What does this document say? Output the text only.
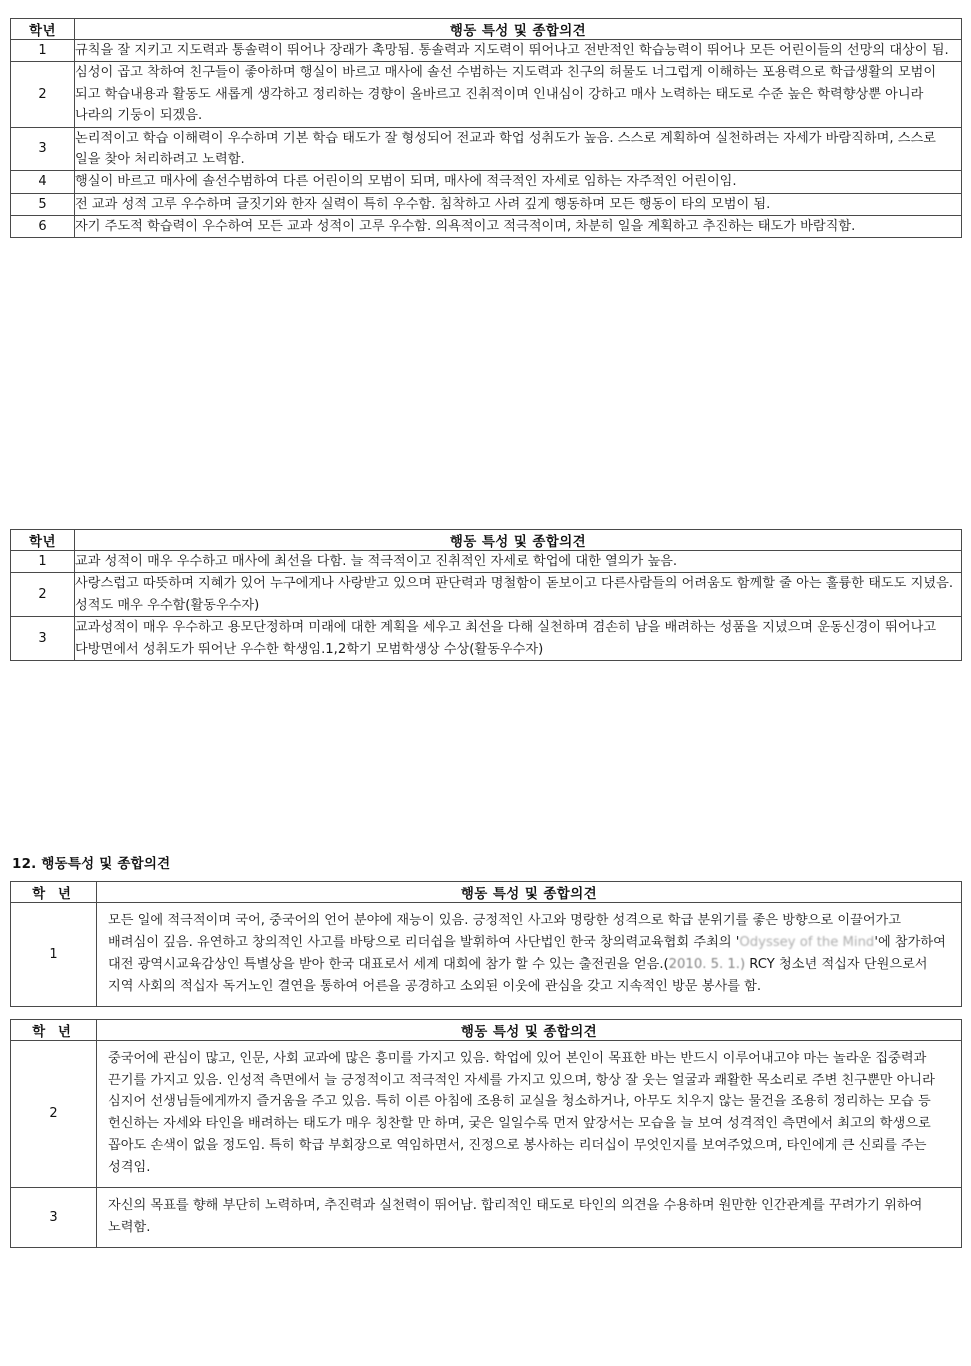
학년	행동 특성 및 종합의견
1	규칙을 잘 지키고 지도력과 통솔력이 뛰어나 장래가 촉망됨. 통솔력과 지도력이 뛰어나고 전반적인 학습능력이 뛰어나 모든 어린이들의 선망의 대상이 됨.
2	심성이 곱고 착하여 친구들이 좋아하며 행실이 바르고 매사에 솔선 수범하는 지도력과 친구의 허물도 너그럽게 이해하는 포용력으로 학급생활의 모범이 되고 학습내용과 활동도 새롭게 생각하고 정리하는 경향이 올바르고 진취적이며 인내심이 강하고 매사 노력하는 태도로 수준 높은 학력향상뿐 아니라 나라의 기둥이 되겠음.
3	논리적이고 학습 이해력이 우수하며 기본 학습 태도가 잘 형성되어 전교과 학업 성취도가 높음. 스스로 계획하여 실천하려는 자세가 바람직하며, 스스로 일을 찾아 처리하려고 노력함.
4	행실이 바르고 매사에 솔선수범하여 다른 어린이의 모범이 되며, 매사에 적극적인 자세로 임하는 자주적인 어린이임.
5	전 교과 성적 고루 우수하며 글짓기와 한자 실력이 특히 우수함. 침착하고 사려 깊게 행동하며 모든 행동이 타의 모범이 됨.
6	자기 주도적 학습력이 우수하여 모든 교과 성적이 고루 우수함. 의욕적이고 적극적이며, 차분히 일을 계획하고 추진하는 태도가 바람직함.
학년	행동 특성 및 종합의견
1	교과 성적이 매우 우수하고 매사에 최선을 다함. 늘 적극적이고 진취적인 자세로 학업에 대한 열의가 높음.
2	사랑스럽고 따뜻하며 지혜가 있어 누구에게나 사랑받고 있으며 판단력과 명철함이 돋보이고 다른사람들의 어려움도 함께할 줄 아는 훌륭한 태도도 지녔음. 성적도 매우 우수함(활동우수자)
3	교과성적이 매우 우수하고 용모단정하며 미래에 대한 계획을 세우고 최선을 다해 실천하며 겸손히 남을 배려하는 성품을 지녔으며 운동신경이 뛰어나고 다방면에서 성취도가 뛰어난 우수한 학생임.1,2학기 모범학생상 수상(활동우수자)
12. 행동특성 및 종합의견
학 년	행동 특성 및 종합의견
1	모든 일에 적극적이며 국어, 중국어의 언어 분야에 재능이 있음. 긍정적인 사고와 명랑한 성격으로 학급 분위기를 좋은 방향으로 이끌어가고 배려심이 깊음. 유연하고 창의적인 사고를 바탕으로 리더쉽을 발휘하여 사단법인 한국 창의력교육협회 주최의 'Odyssey of the Mind'에 참가하여 대전 광역시교육감상인 특별상을 받아 한국 대표로서 세계 대회에 참가 할 수 있는 출전권을 얻음.(2010. 5. 1.) RCY 청소년 적십자 단원으로서 지역 사회의 적십자 독거노인 결연을 통하여 어른을 공경하고 소외된 이웃에 관심을 갖고 지속적인 방문 봉사를 함.
학 년	행동 특성 및 종합의견
2	중국어에 관심이 많고, 인문, 사회 교과에 많은 흥미를 가지고 있음. 학업에 있어 본인이 목표한 바는 반드시 이루어내고야 마는 놀라운 집중력과 끈기를 가지고 있음. 인성적 측면에서 늘 긍정적이고 적극적인 자세를 가지고 있으며, 항상 잘 웃는 얼굴과 쾌활한 목소리로 주변 친구뿐만 아니라 심지어 선생님들에게까지 즐거움을 주고 있음. 특히 이른 아침에 조용히 교실을 청소하거나, 아무도 치우지 않는 물건을 조용히 정리하는 모습 등 헌신하는 자세와 타인을 배려하는 태도가 매우 칭찬할 만 하며, 궂은 일일수록 먼저 앞장서는 모습을 늘 보여 성격적인 측면에서 최고의 학생으로 꼽아도 손색이 없을 정도임. 특히 학급 부회장으로 역임하면서, 진정으로 봉사하는 리더십이 무엇인지를 보여주었으며, 타인에게 큰 신뢰를 주는 성격임.
3	자신의 목표를 향해 부단히 노력하며, 추진력과 실천력이 뛰어남. 합리적인 태도로 타인의 의견을 수용하며 원만한 인간관계를 꾸려가기 위하여 노력함.
